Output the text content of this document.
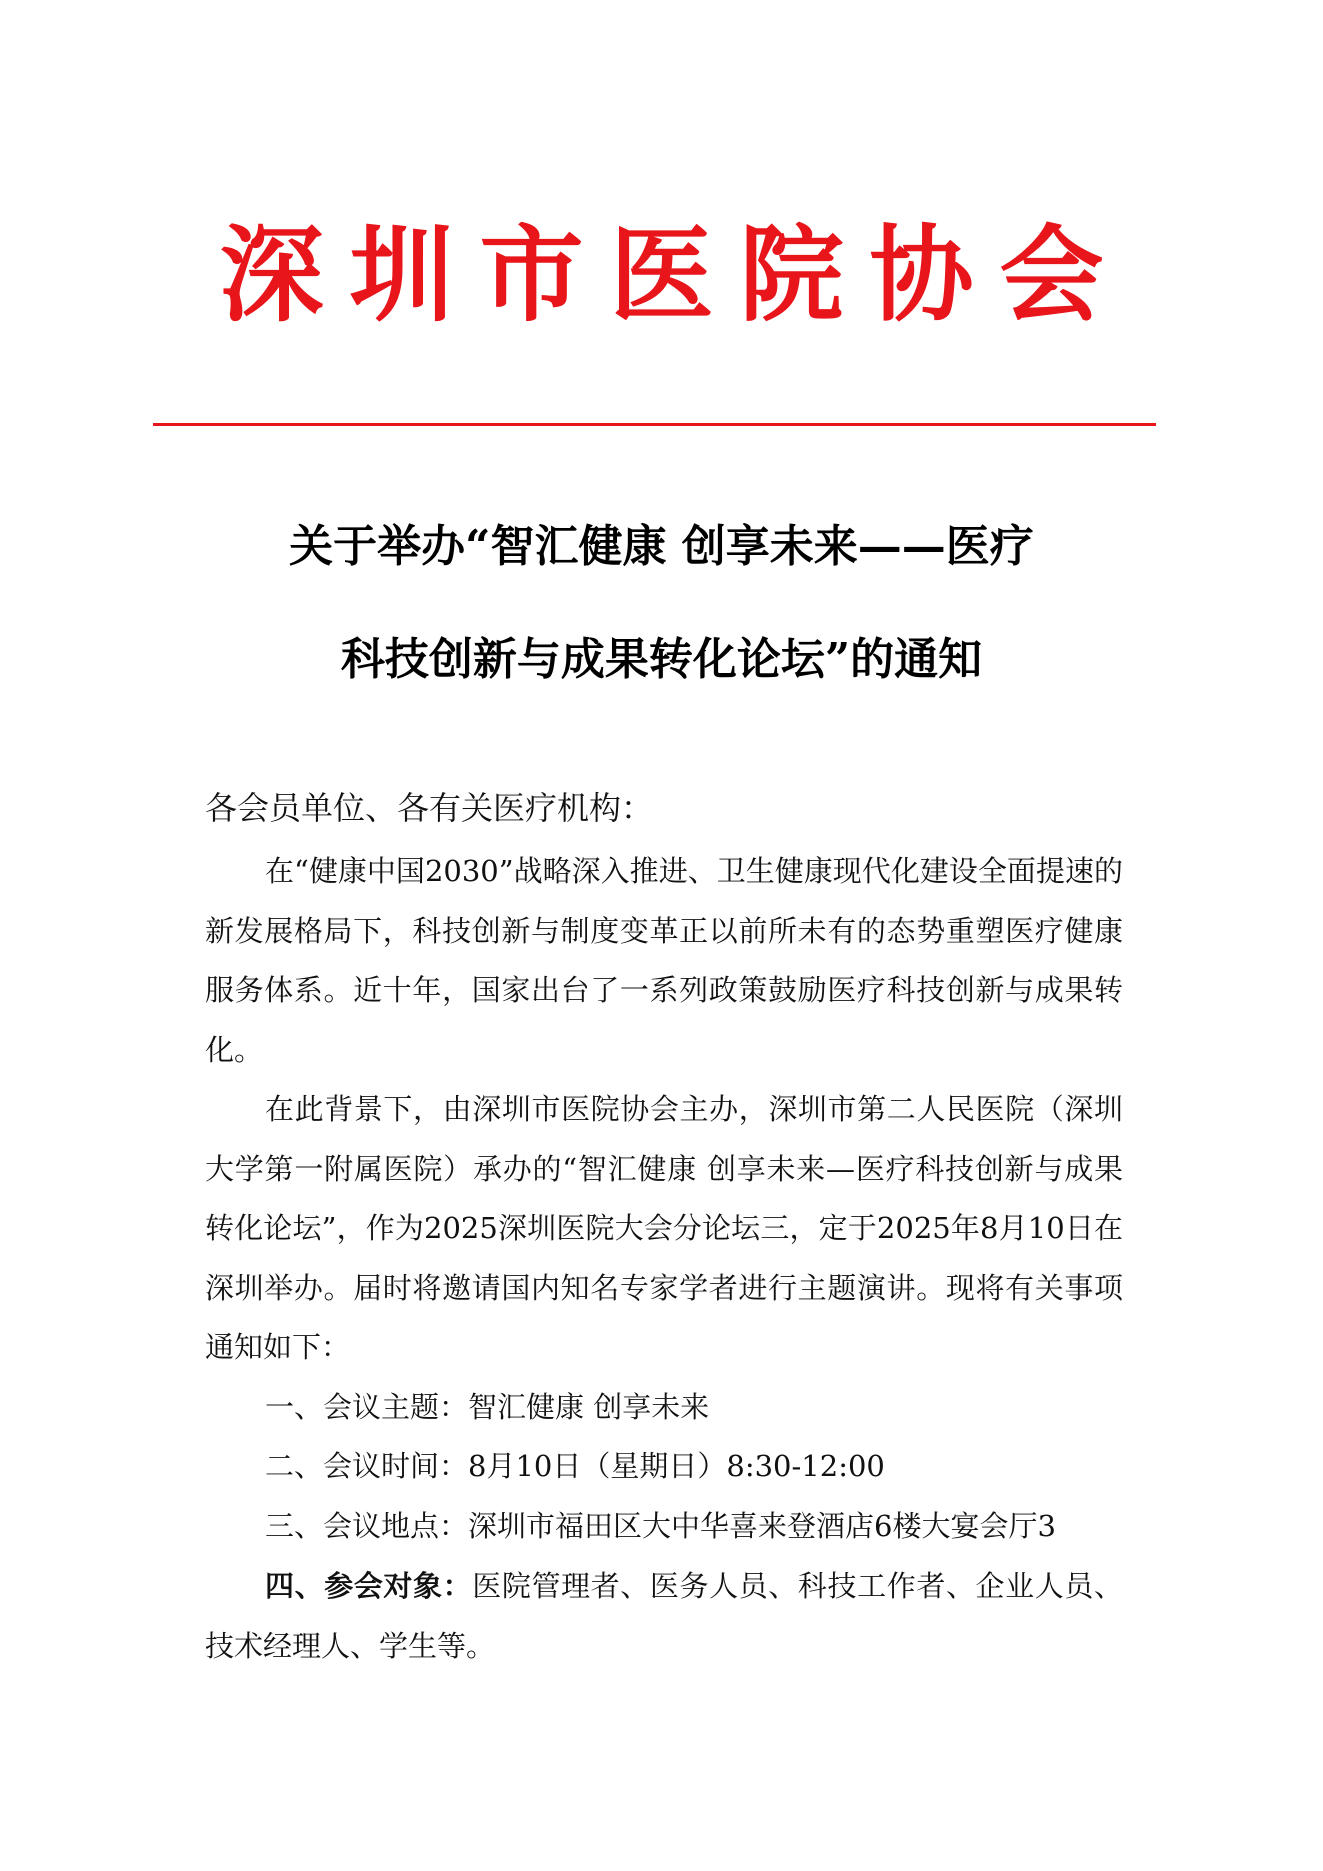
深圳市医院协会
关于举办“智汇健康 创享未来——医疗
科技创新与成果转化论坛”的通知
各会员单位、各有关医疗机构：

在“健康中国2030”战略深入推进、卫生健康现代化建设全面提速的新发展格局下，科技创新与制度变革正以前所未有的态势重塑医疗健康服务体系。近十年，国家出台了一系列政策鼓励医疗科技创新与成果转化。

在此背景下，由深圳市医院协会主办，深圳市第二人民医院（深圳大学第一附属医院）承办的“智汇健康 创享未来—医疗科技创新与成果转化论坛”，作为2025深圳医院大会分论坛三，定于2025年8月10日在深圳举办。届时将邀请国内知名专家学者进行主题演讲。现将有关事项通知如下：

一、会议主题：智汇健康 创享未来
二、会议时间：8月10日（星期日）8:30-12:00
三、会议地点：深圳市福田区大中华喜来登酒店6楼大宴会厅3
四、参会对象：医院管理者、医务人员、科技工作者、企业人员、技术经理人、学生等。
